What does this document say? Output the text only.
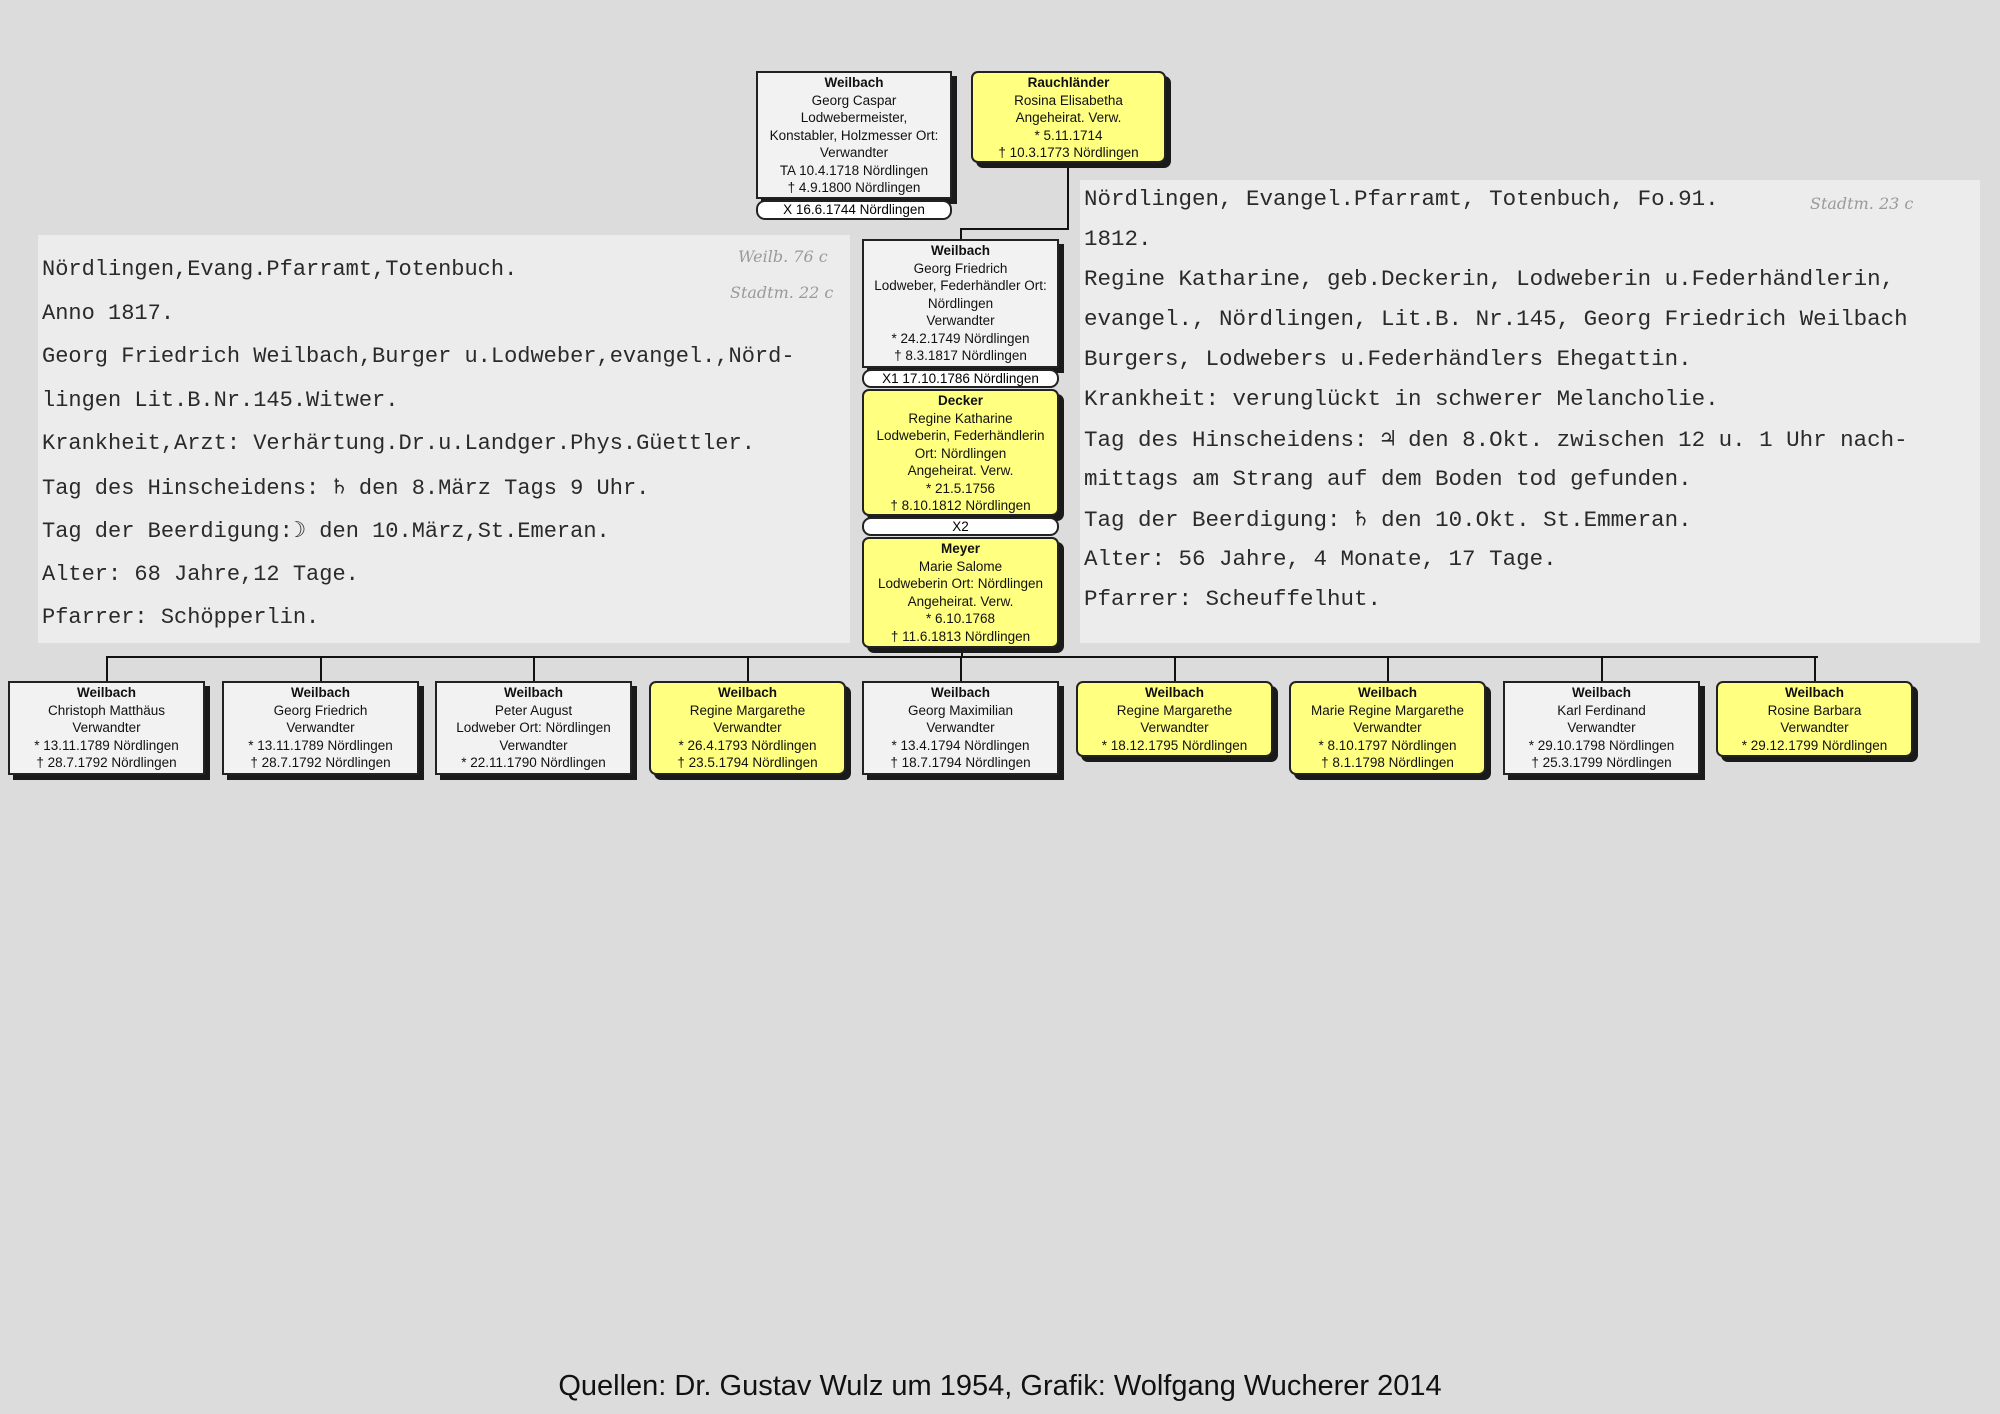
Nördlingen,Evang.Pfarramt,Totenbuch.
Anno 1817.
Georg Friedrich Weilbach,Burger u.Lodweber,evangel.,Nörd-
lingen Lit.B.Nr.145.Witwer.
Krankheit,Arzt: Verhärtung.Dr.u.Landger.Phys.Güettler.
Tag des Hinscheidens: ♄ den 8.März Tags 9 Uhr.
Tag der Beerdigung:☽ den 10.März,St.Emeran.
Alter: 68 Jahre,12 Tage.
Pfarrer: Schöpperlin.
Weilb. 76 c
Stadtm. 22 c
Nördlingen, Evangel.Pfarramt, Totenbuch, Fo.91.
1812.
Regine Katharine, geb.Deckerin, Lodweberin u.Federhändlerin,
evangel., Nördlingen, Lit.B. Nr.145, Georg Friedrich Weilbach
Burgers, Lodwebers u.Federhändlers Ehegattin.
Krankheit: verunglückt in schwerer Melancholie.
Tag des Hinscheidens: ♃ den 8.Okt. zwischen 12 u. 1 Uhr nach-
mittags am Strang auf dem Boden tod gefunden.
Tag der Beerdigung: ♄ den 10.Okt. St.Emmeran.
Alter: 56 Jahre, 4 Monate, 17 Tage.
Pfarrer: Scheuffelhut.
Stadtm. 23 c
Weilbach
Georg Caspar
Lodwebermeister,
Konstabler, Holzmesser Ort:
Verwandter
TA 10.4.1718 Nördlingen
† 4.9.1800 Nördlingen
X 16.6.1744 Nördlingen
Rauchländer
Rosina Elisabetha
Angeheirat. Verw.
* 5.11.1714
† 10.3.1773 Nördlingen
Weilbach
Georg Friedrich
Lodweber, Federhändler Ort:
Nördlingen
Verwandter
* 24.2.1749 Nördlingen
† 8.3.1817 Nördlingen
X1 17.10.1786 Nördlingen
Decker
Regine Katharine
Lodweberin, Federhändlerin
Ort: Nördlingen
Angeheirat. Verw.
* 21.5.1756
† 8.10.1812 Nördlingen
X2
Meyer
Marie Salome
Lodweberin Ort: Nördlingen
Angeheirat. Verw.
* 6.10.1768
† 11.6.1813 Nördlingen
Weilbach
Christoph Matthäus
Verwandter
* 13.11.1789 Nördlingen
† 28.7.1792 Nördlingen
Weilbach
Georg Friedrich
Verwandter
* 13.11.1789 Nördlingen
† 28.7.1792 Nördlingen
Weilbach
Peter August
Lodweber Ort: Nördlingen
Verwandter
* 22.11.1790 Nördlingen
Weilbach
Regine Margarethe
Verwandter
* 26.4.1793 Nördlingen
† 23.5.1794 Nördlingen
Weilbach
Georg Maximilian
Verwandter
* 13.4.1794 Nördlingen
† 18.7.1794 Nördlingen
Weilbach
Regine Margarethe
Verwandter
* 18.12.1795 Nördlingen
Weilbach
Marie Regine Margarethe
Verwandter
* 8.10.1797 Nördlingen
† 8.1.1798 Nördlingen
Weilbach
Karl Ferdinand
Verwandter
* 29.10.1798 Nördlingen
† 25.3.1799 Nördlingen
Weilbach
Rosine Barbara
Verwandter
* 29.12.1799 Nördlingen
Quellen: Dr. Gustav Wulz um 1954, Grafik: Wolfgang Wucherer 2014
